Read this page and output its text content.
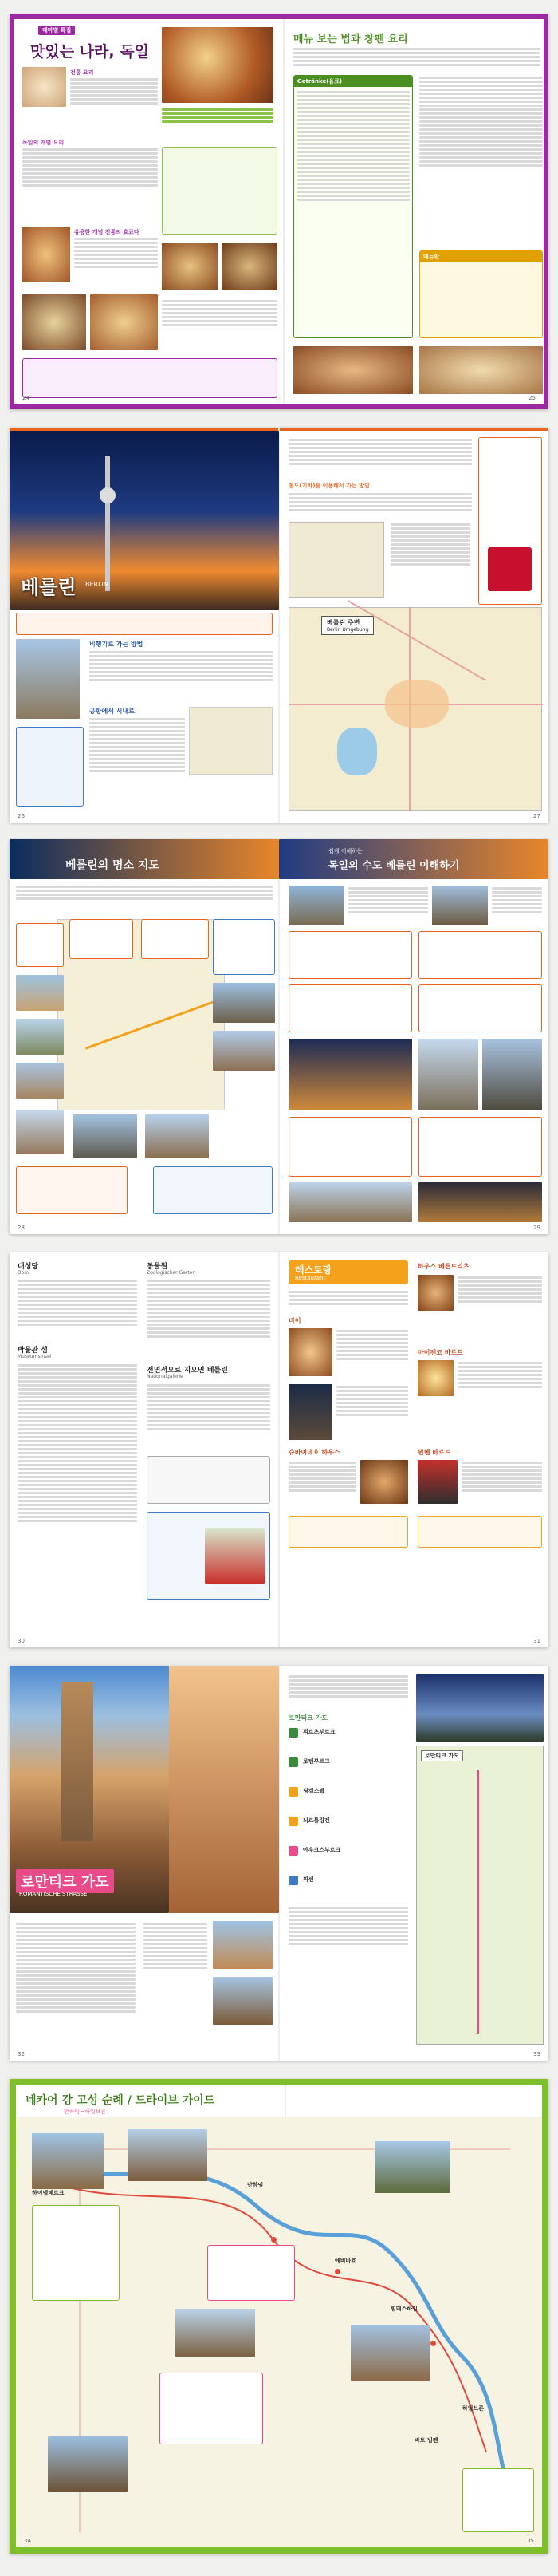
테마별 특집
맛있는 나라, 독일
전통 요리
독일의 개별 요리
유용한 개념 전통의 효료다
24
메뉴 보는 법과 창펜 요리
Getränke(음료)
메뉴판
25
베를린 BERLIN
비행기로 가는 방법
공항에서 시내로
26
철도(기차)를 이용해서 가는 방법
베를린 주변
Berlin Umgebung
27
베를린의 명소 지도
28
쉽게 이해하는
독일의 수도 베를린 이해하기
29
대성당
Dom
박물관 섬
Museumsinsel
동물원
Zoologischer Garten
전면적으로 지으면 베를린
Nationalgalerie
30
레스토랑
Restaurant
하우스 베른트리츠
비어
아이젠코 바르트
슈바이네흐 하우스	뮌헨 바르트
31
로만티크 가도
ROMANTISCHE STRASSE
32
로만티크 가도
뷔르츠부르크
로텐부르크
딩켈스뷜
뇌르틀링겐
아우크스부르크
퓌센
로만티크 가도
33
네카어 강 고성 순례 / 드라이브 가이드
만하임~하일브론
하이델베르크
만하임
에버바흐
힐데스하임
하일브론
바트 빔펜
34	35
